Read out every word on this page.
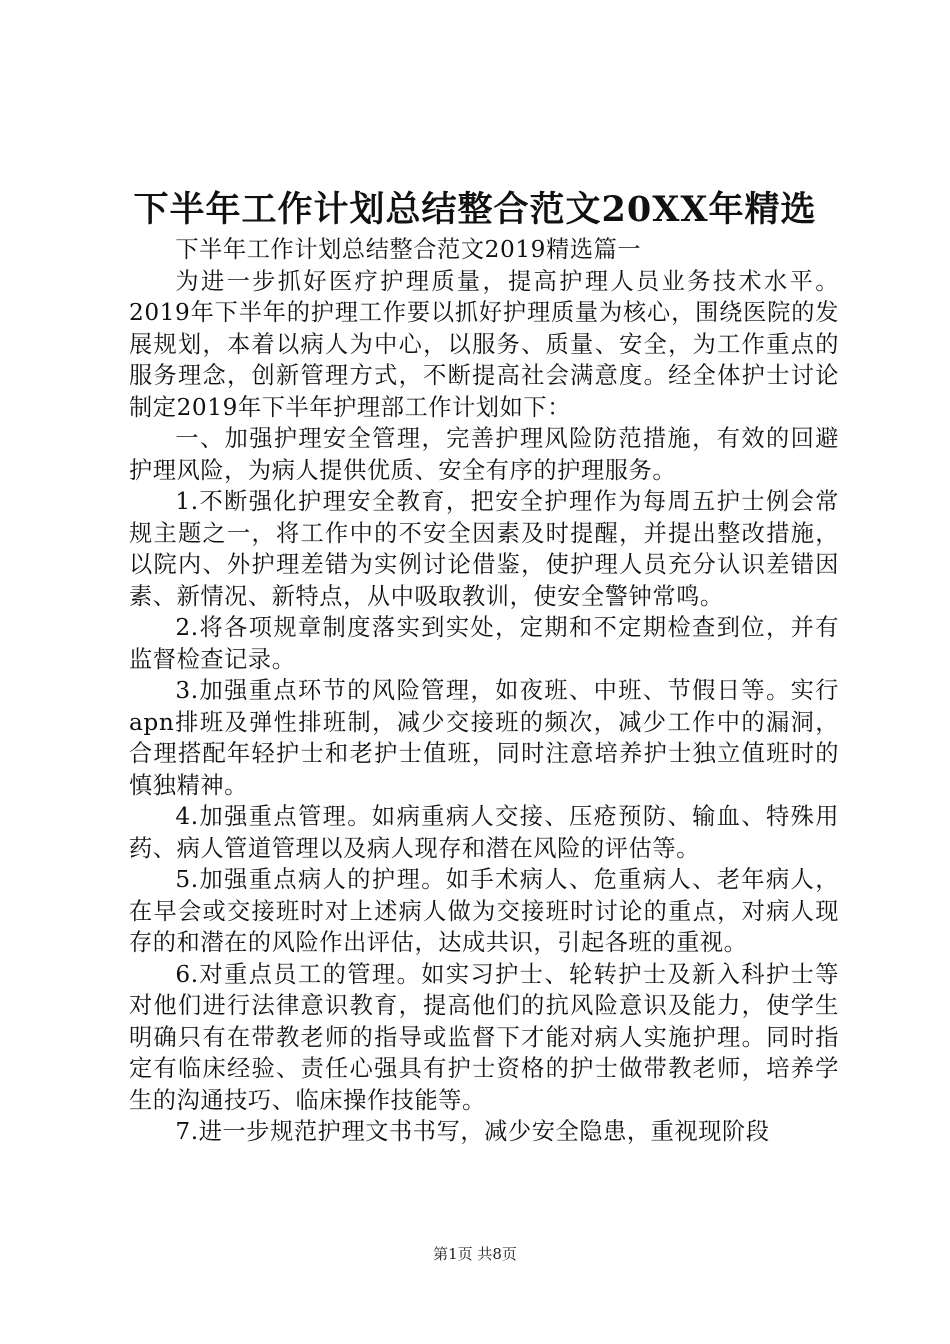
下半年工作计划总结整合范文20XX年精选

下半年工作计划总结整合范文2019精选篇一

为进一步抓好医疗护理质量，提高护理人员业务技术水平。2019年下半年的护理工作要以抓好护理质量为核心，围绕医院的发展规划，本着以病人为中心，以服务、质量、安全，为工作重点的服务理念，创新管理方式，不断提高社会满意度。经全体护士讨论制定2019年下半年护理部工作计划如下：

一、加强护理安全管理，完善护理风险防范措施，有效的回避护理风险，为病人提供优质、安全有序的护理服务。

1.不断强化护理安全教育，把安全护理作为每周五护士例会常规主题之一，将工作中的不安全因素及时提醒，并提出整改措施，以院内、外护理差错为实例讨论借鉴，使护理人员充分认识差错因素、新情况、新特点，从中吸取教训，使安全警钟常鸣。

2.将各项规章制度落实到实处，定期和不定期检查到位，并有监督检查记录。

3.加强重点环节的风险管理，如夜班、中班、节假日等。实行apn排班及弹性排班制，减少交接班的频次，减少工作中的漏洞，合理搭配年轻护士和老护士值班，同时注意培养护士独立值班时的慎独精神。

4.加强重点管理。如病重病人交接、压疮预防、输血、特殊用药、病人管道管理以及病人现存和潜在风险的评估等。

5.加强重点病人的护理。如手术病人、危重病人、老年病人，在早会或交接班时对上述病人做为交接班时讨论的重点，对病人现存的和潜在的风险作出评估，达成共识，引起各班的重视。

6.对重点员工的管理。如实习护士、轮转护士及新入科护士等对他们进行法律意识教育，提高他们的抗风险意识及能力，使学生明确只有在带教老师的指导或监督下才能对病人实施护理。同时指定有临床经验、责任心强具有护士资格的护士做带教老师，培养学生的沟通技巧、临床操作技能等。

7.进一步规范护理文书书写，减少安全隐患，重视现阶段

第1页 共8页
